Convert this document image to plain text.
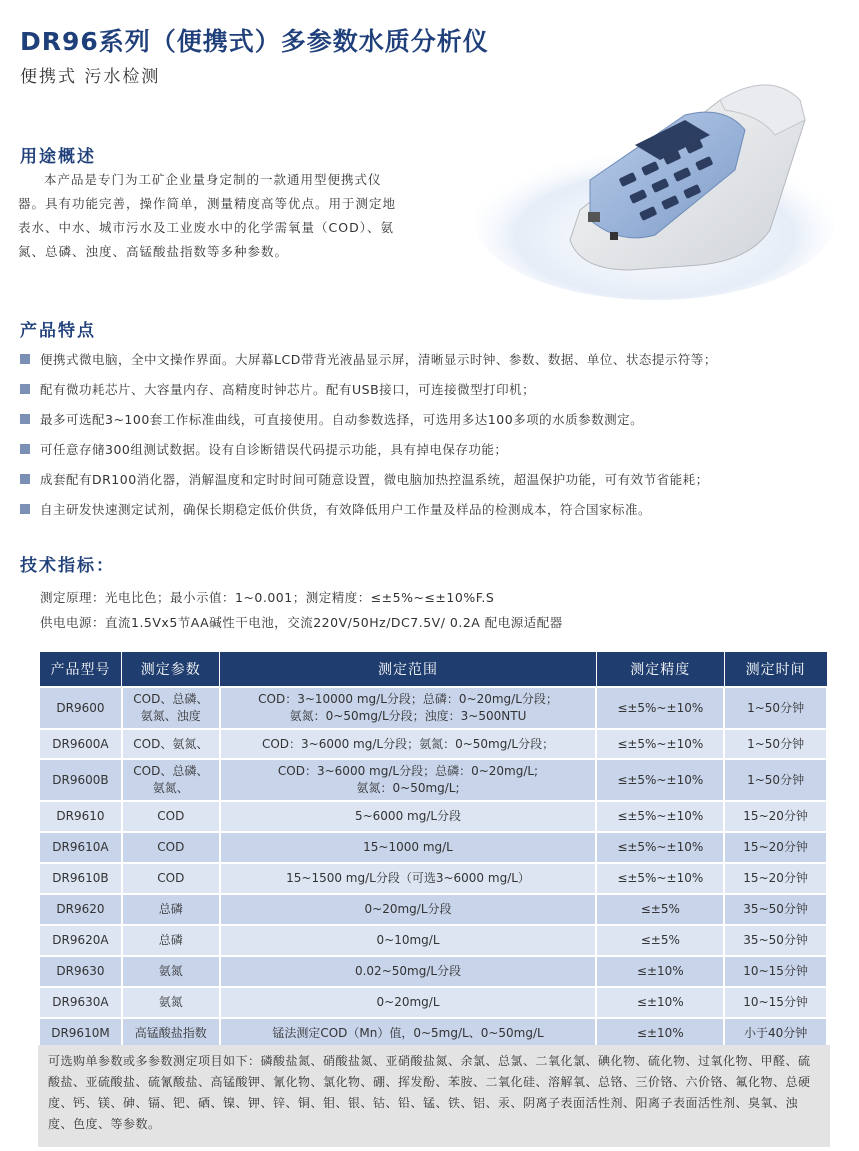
DR96系列（便携式）多参数水质分析仪
便携式 污水检测
用途概述

本产品是专门为工矿企业量身定制的一款通用型便携式仪器。具有功能完善，操作简单，测量精度高等优点。用于测定地表水、中水、城市污水及工业废水中的化学需氧量（COD）、氨氮、总磷、浊度、高锰酸盐指数等多种参数。

产品特点
便携式微电脑，全中文操作界面。大屏幕LCD带背光液晶显示屏，清晰显示时钟、参数、数据、单位、状态提示符等；
配有微功耗芯片、大容量内存、高精度时钟芯片。配有USB接口，可连接微型打印机；
最多可选配3~100套工作标准曲线，可直接使用。自动参数选择，可选用多达100多项的水质参数测定。
可任意存储300组测试数据。设有自诊断错误代码提示功能，具有掉电保存功能；
成套配有DR100消化器，消解温度和定时时间可随意设置，微电脑加热控温系统，超温保护功能，可有效节省能耗；
自主研发快速测定试剂，确保长期稳定低价供货，有效降低用户工作量及样品的检测成本，符合国家标准。
技术指标：
测定原理：光电比色；最小示值：1~0.001；测定精度：≤±5%~≤±10%F.S
供电电源：直流1.5Vx5节AA碱性干电池，交流220V/50Hz/DC7.5V/ 0.2A 配电源适配器
产品型号	测定参数	测定范围	测定精度	测定时间
DR9600	COD、总磷、
氨氮、浊度	COD：3~10000 mg/L分段；总磷：0~20mg/L分段；
氨氮：0~50mg/L分段；浊度：3~500NTU	≤±5%~±10%	1~50分钟
DR9600A	COD、氨氮、	COD：3~6000 mg/L分段；氨氮：0~50mg/L分段；	≤±5%~±10%	1~50分钟
DR9600B	COD、总磷、
氨氮、	COD：3~6000 mg/L分段；总磷：0~20mg/L;
氨氮：0~50mg/L;	≤±5%~±10%	1~50分钟
DR9610	COD	5~6000 mg/L分段	≤±5%~±10%	15~20分钟
DR9610A	COD	15~1000 mg/L	≤±5%~±10%	15~20分钟
DR9610B	COD	15~1500 mg/L分段（可选3~6000 mg/L）	≤±5%~±10%	15~20分钟
DR9620	总磷	0~20mg/L分段	≤±5%	35~50分钟
DR9620A	总磷	0~10mg/L	≤±5%	35~50分钟
DR9630	氨氮	0.02~50mg/L分段	≤±10%	10~15分钟
DR9630A	氨氮	0~20mg/L	≤±10%	10~15分钟
DR9610M	高锰酸盐指数	锰法测定COD（Mn）值，0~5mg/L、0~50mg/L	≤±10%	小于40分钟
可选购单参数或多参数测定项目如下：磷酸盐氮、硝酸盐氮、亚硝酸盐氮、余氯、总氯、二氧化氯、碘化物、硫化物、过氧化物、甲醛、硫酸盐、亚硫酸盐、硫氰酸盐、高锰酸钾、氰化物、氯化物、硼、挥发酚、苯胺、二氧化硅、溶解氧、总铬、三价铬、六价铬、氟化物、总硬度、钙、镁、砷、镉、钯、硒、镍、钾、锌、铜、钼、银、钴、铅、锰、铁、铝、汞、阴离子表面活性剂、阳离子表面活性剂、臭氧、浊度、色度、等参数。
